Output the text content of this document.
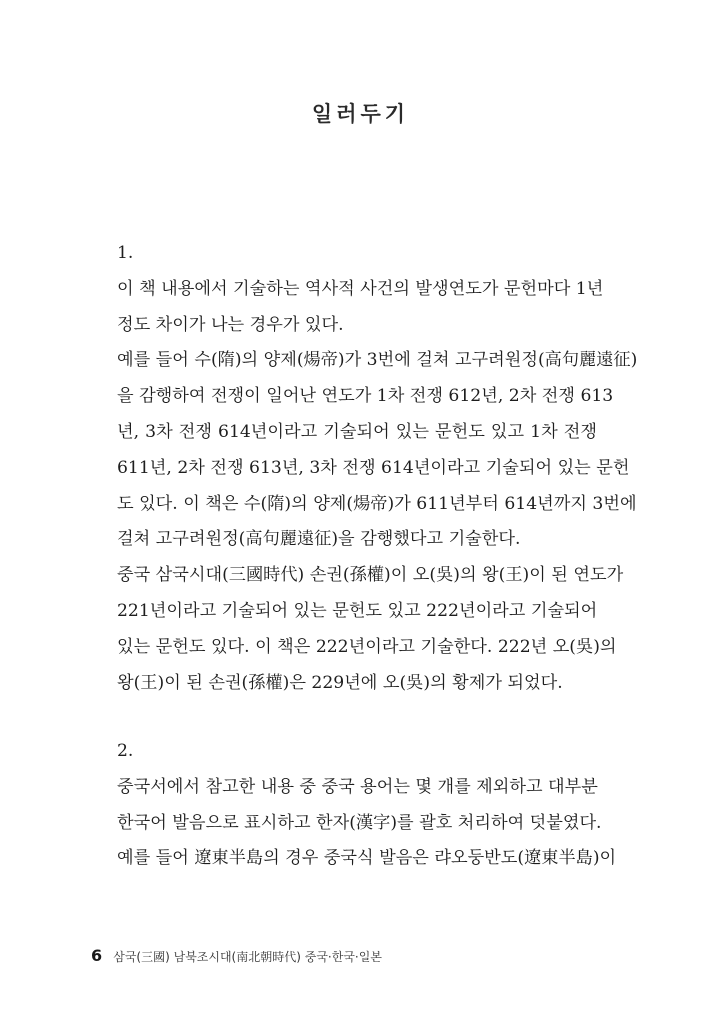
일러두기
1.
이 책 내용에서 기술하는 역사적 사건의 발생연도가 문헌마다 1년
정도 차이가 나는 경우가 있다.
예를 들어 수(隋)의 양제(煬帝)가 3번에 걸쳐 고구려원정(高句麗遠征)
을 감행하여 전쟁이 일어난 연도가 1차 전쟁 612년, 2차 전쟁 613
년, 3차 전쟁 614년이라고 기술되어 있는 문헌도 있고 1차 전쟁
611년, 2차 전쟁 613년, 3차 전쟁 614년이라고 기술되어 있는 문헌
도 있다. 이 책은 수(隋)의 양제(煬帝)가 611년부터 614년까지 3번에
걸쳐 고구려원정(高句麗遠征)을 감행했다고 기술한다.
중국 삼국시대(三國時代) 손권(孫權)이 오(吳)의 왕(王)이 된 연도가
221년이라고 기술되어 있는 문헌도 있고 222년이라고 기술되어
있는 문헌도 있다. 이 책은 222년이라고 기술한다. 222년 오(吳)의
왕(王)이 된 손권(孫權)은 229년에 오(吳)의 황제가 되었다.
2.
중국서에서 참고한 내용 중 중국 용어는 몇 개를 제외하고 대부분
한국어 발음으로 표시하고 한자(漢字)를 괄호 처리하여 덧붙였다.
예를 들어 遼東半島의 경우 중국식 발음은 랴오둥반도(遼東半島)이
6 삼국(三國) 남북조시대(南北朝時代) 중국·한국·일본
